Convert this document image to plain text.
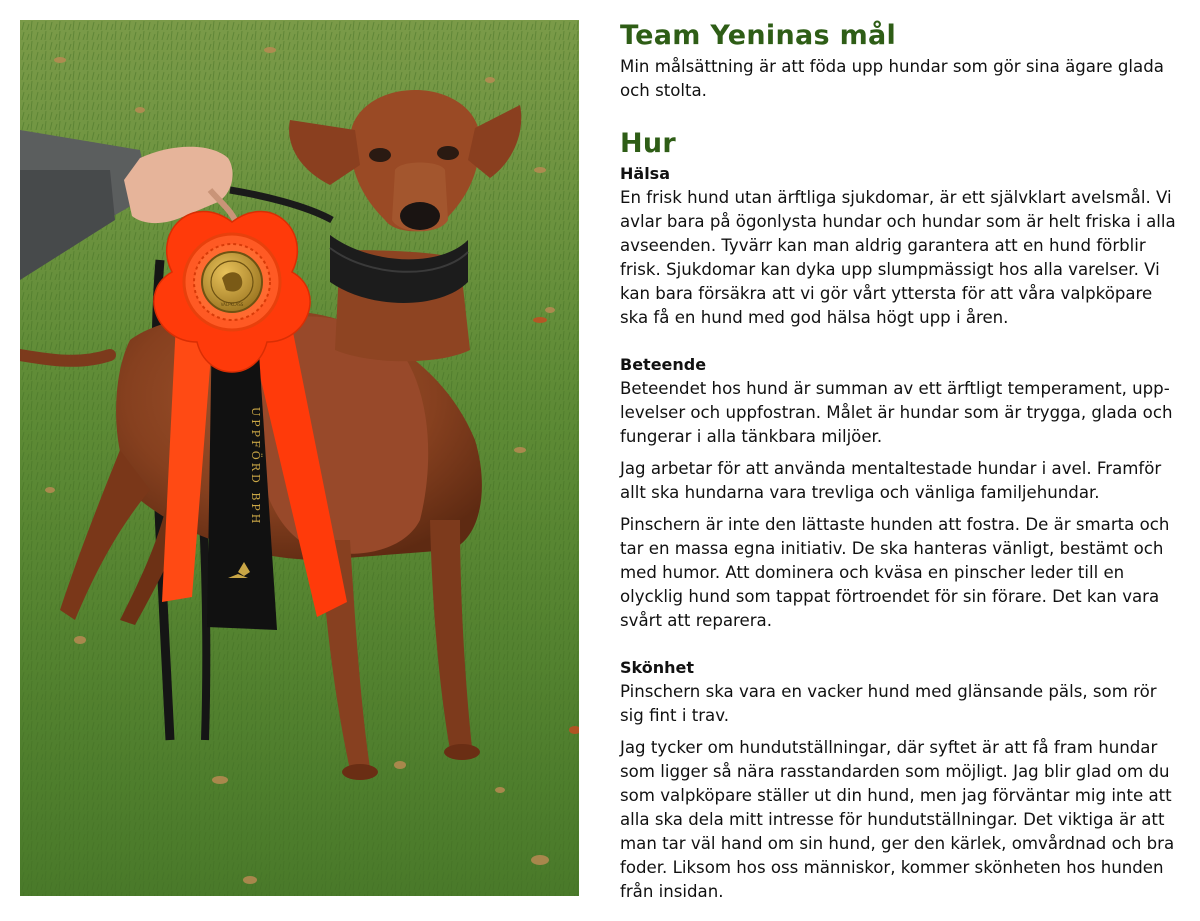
VALPKLASS
UPPFÖRD BPH
Team Yeninas mål

Min målsättning är att föda upp hundar som gör sina ägare glada och stolta.

Hur
Hälsa

En frisk hund utan ärftliga sjukdomar, är ett självklart avelsmål. Vi avlar bara på ögonlysta hundar och hundar som är helt friska i alla avseenden. Tyvärr kan man aldrig garantera att en hund förblir frisk. Sjukdomar kan dyka upp slumpmässigt hos alla varelser. Vi kan bara försäkra att vi gör vårt yttersta för att våra valpköpare ska få en hund med god hälsa högt upp i åren.

Beteende

Beteendet hos hund är summan av ett ärftligt temperament, upp-levelser och uppfostran. Målet är hundar som är trygga, glada och fungerar i alla tänkbara miljöer.

Jag arbetar för att använda mentaltestade hundar i avel. Framför allt ska hundarna vara trevliga och vänliga familjehundar.

Pinschern är inte den lättaste hunden att fostra. De är smarta och tar en massa egna initiativ. De ska hanteras vänligt, bestämt och med humor. Att dominera och kväsa en pinscher leder till en olycklig hund som tappat förtroendet för sin förare. Det kan vara svårt att reparera.

Skönhet

Pinschern ska vara en vacker hund med glänsande päls, som rör sig fint i trav.

Jag tycker om hundutställningar, där syftet är att få fram hundar som ligger så nära rasstandarden som möjligt. Jag blir glad om du som valpköpare ställer ut din hund, men jag förväntar mig inte att alla ska dela mitt intresse för hundutställningar. Det viktiga är att man tar väl hand om sin hund, ger den kärlek, omvårdnad och bra foder. Liksom hos oss människor, kommer skönheten hos hunden från insidan.
